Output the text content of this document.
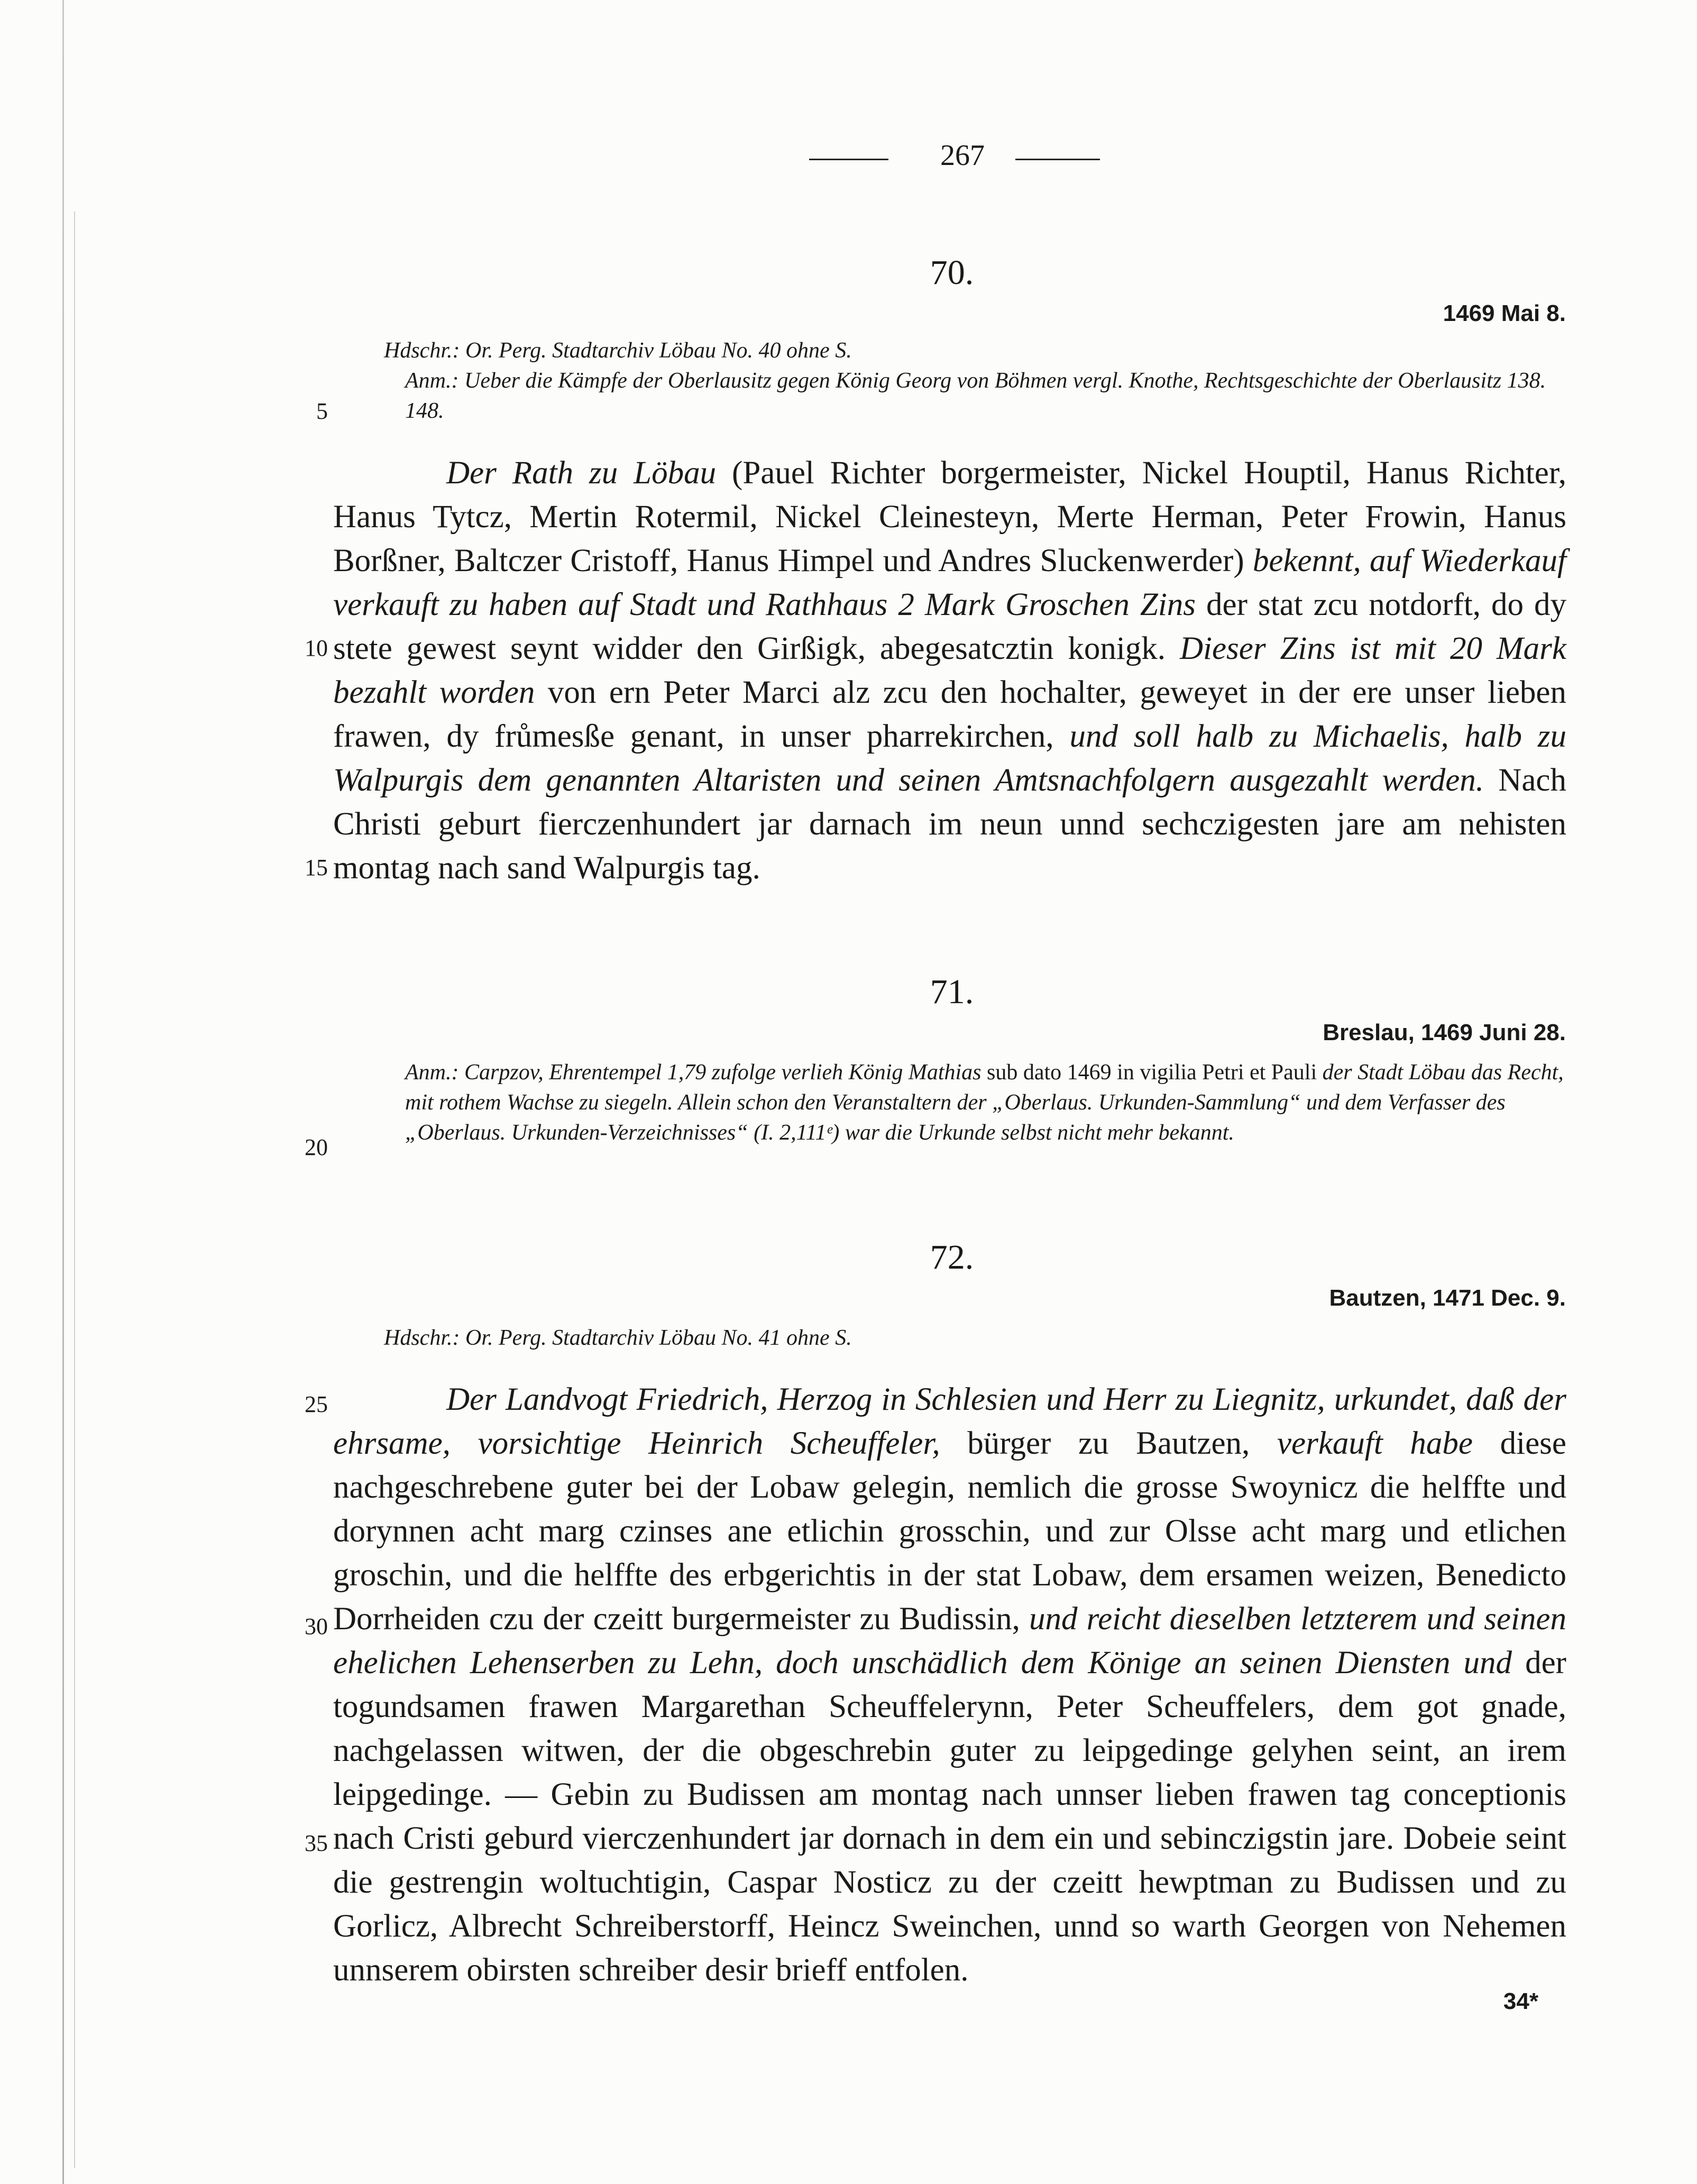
267
70.
1469 Mai 8.
Hdschr.: Or. Perg. Stadtarchiv Löbau No. 40 ohne S.
Anm.: Ueber die Kämpfe der Oberlausitz gegen König Georg von Böhmen vergl. Knothe, Rechtsgeschichte der Oberlausitz 138. 148.

Der Rath zu Löbau (Pauel Richter borgermeister, Nickel Houptil, Hanus Richter, Hanus Tytcz, Mertin Rotermil, Nickel Cleinesteyn, Merte Herman, Peter Frowin, Hanus Borßner, Baltczer Cristoff, Hanus Himpel und Andres Sluckenwerder) bekennt, auf Wiederkauf verkauft zu haben auf Stadt und Rathhaus 2 Mark Groschen Zins der stat zcu notdorft, do dy stete gewest seynt widder den Girßigk, abegesatcztin konigk. Dieser Zins ist mit 20 Mark bezahlt worden von ern Peter Marci alz zcu den hochalter, geweyet in der ere unser lieben frawen, dy frůmesße genant, in unser pharrekirchen, und soll halb zu Michaelis, halb zu Walpurgis dem genannten Altaristen und seinen Amtsnachfolgern ausgezahlt werden. Nach Christi geburt fierczenhundert jar darnach im neun unnd sechczigesten jare am nehisten montag nach sand Walpurgis tag.

71.
Breslau, 1469 Juni 28.
Anm.: Carpzov, Ehrentempel 1,79 zufolge verlieh König Mathias sub dato 1469 in vigilia Petri et Pauli der Stadt Löbau das Recht, mit rothem Wachse zu siegeln. Allein schon den Veranstaltern der „Oberlaus. Urkunden-Sammlung“ und dem Verfasser des „Oberlaus. Urkunden-Verzeichnisses“ (I. 2,111ᵉ) war die Urkunde selbst nicht mehr bekannt.
72.
Bautzen, 1471 Dec. 9.
Hdschr.: Or. Perg. Stadtarchiv Löbau No. 41 ohne S.

Der Landvogt Friedrich, Herzog in Schlesien und Herr zu Liegnitz, urkundet, daß der ehrsame, vorsichtige Heinrich Scheuffeler, bürger zu Bautzen, verkauft habe diese nachgeschrebene guter bei der Lobaw gelegin, nemlich die grosse Swoynicz die helffte und dorynnen acht marg czinses ane etlichin grosschin, und zur Olsse acht marg und etlichen groschin, und die helffte des erbgerichtis in der stat Lobaw, dem ersamen weizen, Benedicto Dorrheiden czu der czeitt burgermeister zu Budissin, und reicht dieselben letzterem und seinen ehelichen Lehenserben zu Lehn, doch unschädlich dem Könige an seinen Diensten und der togundsamen frawen Margarethan Scheuffelerynn, Peter Scheuffelers, dem got gnade, nachgelassen witwen, der die obgeschrebin guter zu leipgedinge gelyhen seint, an irem leipgedinge. — Gebin zu Budissen am montag nach unnser lieben frawen tag conceptionis nach Cristi geburd vierczenhundert jar dornach in dem ein und sebinczigstin jare. Dobeie seint die gestrengin woltuchtigin, Caspar Nosticz zu der czeitt hewptman zu Budissen und zu Gorlicz, Albrecht Schreiberstorff, Heincz Sweinchen, unnd so warth Georgen von Nehemen unnserem obirsten schreiber desir brieff entfolen.

5
10
15
20
25
30
35
34*
